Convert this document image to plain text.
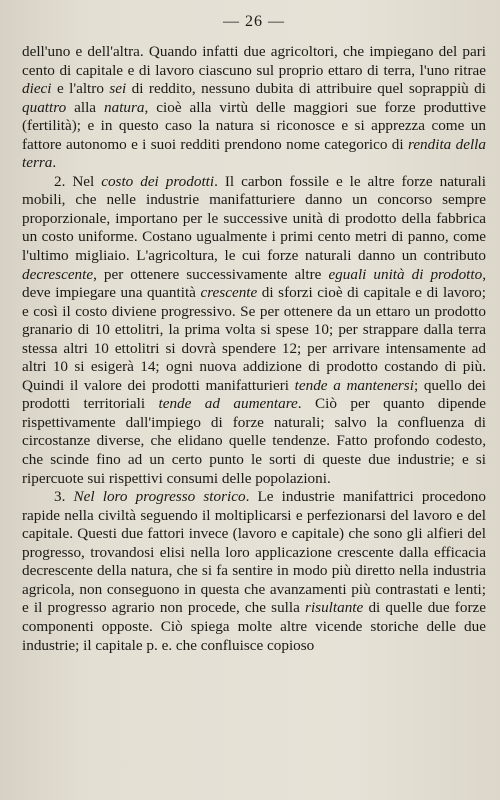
— 26 —

dell'uno e dell'altra. Quando infatti due agricoltori, che impiegano del pari cento di capitale e di lavoro ciascuno sul proprio ettaro di terra, l'uno ritrae dieci e l'altro sei di reddito, nessuno dubita di attribuire quel soprappiù di quattro alla natura, cioè alla virtù delle maggiori sue forze produttive (fertilità); e in questo caso la natura si riconosce e si apprezza come un fattore autonomo e i suoi redditi prendono nome categorico di rendita della terra.

2. Nel costo dei prodotti. Il carbon fossile e le altre forze naturali mobili, che nelle industrie manifatturiere danno un concorso sempre proporzionale, importano per le successive unità di prodotto della fabbrica un costo uniforme. Costano ugualmente i primi cento metri di panno, come l'ultimo migliaio. L'agricoltura, le cui forze naturali danno un contributo decrescente, per ottenere successivamente altre eguali unità di prodotto, deve impiegare una quantità crescente di sforzi cioè di capitale e di lavoro; e così il costo diviene progressivo. Se per ottenere da un ettaro un prodotto granario di 10 ettolitri, la prima volta si spese 10; per strappare dalla terra stessa altri 10 ettolitri si dovrà spendere 12; per arrivare intensamente ad altri 10 si esigerà 14; ogni nuova addizione di prodotto costando di più. Quindi il valore dei prodotti manifatturieri tende a mantenersi; quello dei prodotti territoriali tende ad aumentare. Ciò per quanto dipende rispettivamente dall'impiego di forze naturali; salvo la confluenza di circostanze diverse, che elidano quelle tendenze. Fatto profondo codesto, che scinde fino ad un certo punto le sorti di queste due industrie; e si ripercuote sui rispettivi consumi delle popolazioni.

3. Nel loro progresso storico. Le industrie manifattrici procedono rapide nella civiltà seguendo il moltiplicarsi e perfezionarsi del lavoro e del capitale. Questi due fattori invece (lavoro e capitale) che sono gli alfieri del progresso, trovandosi elisi nella loro applicazione crescente dalla efficacia decrescente della natura, che si fa sentire in modo più diretto nella industria agricola, non conseguono in questa che avanzamenti più contrastati e lenti; e il progresso agrario non procede, che sulla risultante di quelle due forze componenti opposte. Ciò spiega molte altre vicende storiche delle due industrie; il capitale p. e. che confluisce copioso
